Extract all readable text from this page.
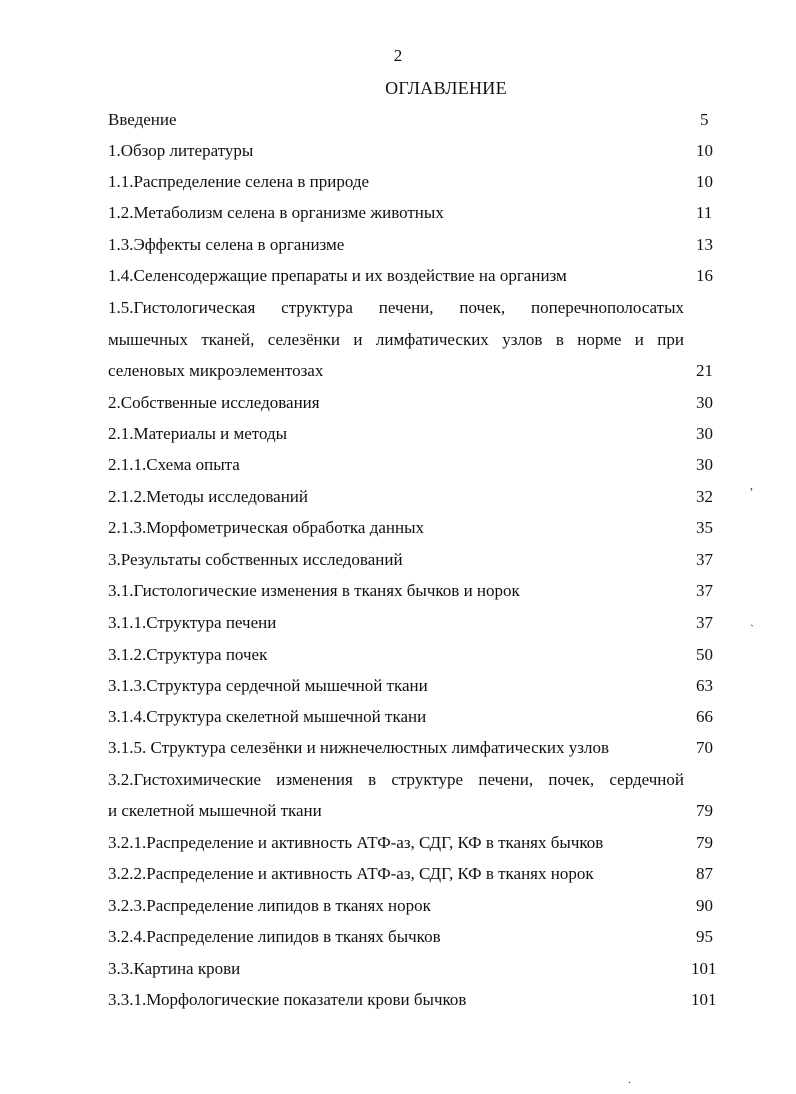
2
ОГЛАВЛЕНИЕ
Введение	5
1.Обзор литературы	10
1.1.Распределение селена в природе	10
1.2.Метаболизм селена в организме животных	11
1.3.Эффекты селена в организме	13
1.4.Селенсодержащие препараты и их воздействие на организм	16
1.5.Гистологическая структура печени, почек, поперечнополосатых
мышечных тканей, селезёнки и лимфатических узлов в норме и при
селеновых микроэлементозах	21
2.Собственные исследования	30
2.1.Материалы и методы	30
2.1.1.Схема опыта	30
2.1.2.Методы исследований	32
2.1.3.Морфометрическая обработка данных	35
3.Результаты собственных исследований	37
3.1.Гистологические изменения в тканях бычков и норок	37
3.1.1.Структура печени	37
3.1.2.Структура почек	50
3.1.3.Структура сердечной мышечной ткани	63
3.1.4.Структура скелетной мышечной ткани	66
3.1.5. Структура селезёнки и нижнечелюстных лимфатических узлов	70
3.2.Гистохимические изменения в структуре печени, почек, сердечной
и скелетной мышечной ткани	79
3.2.1.Распределение и активность АТФ-аз, СДГ, КФ в тканях бычков	79
3.2.2.Распределение и активность АТФ-аз, СДГ, КФ в тканях норок	87
3.2.3.Распределение липидов в тканях норок	90
3.2.4.Распределение липидов в тканях бычков	95
3.3.Картина крови	101
3.3.1.Морфологические показатели крови бычков	101
,
`
.
